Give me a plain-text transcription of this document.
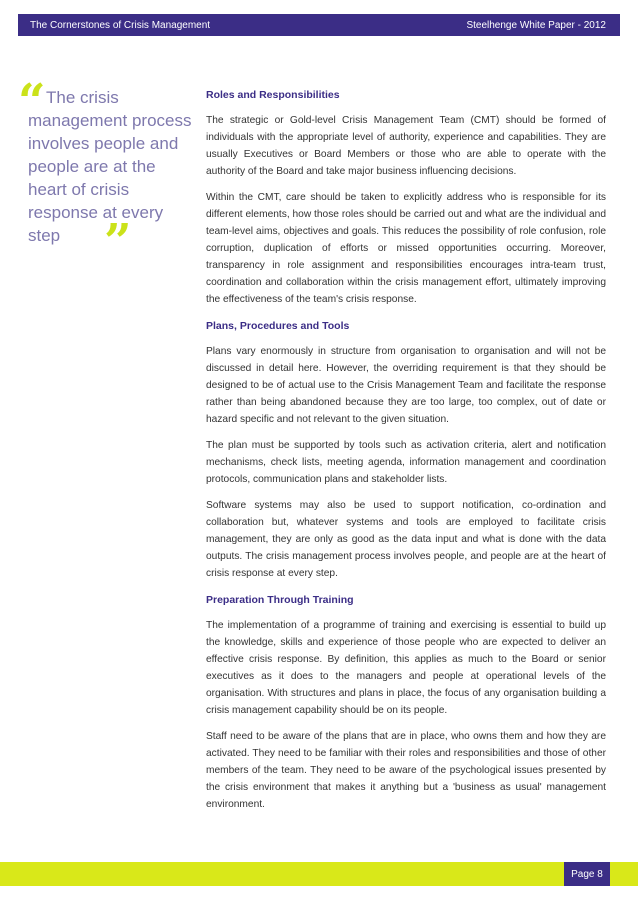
The Cornerstones of Crisis Management	Steelhenge White Paper - 2012
“ The crisis
management process involves people and people are at the heart of crisis response at every step ”
Roles and Responsibilities

The strategic or Gold-level Crisis Management Team (CMT) should be formed of individuals with the appropriate level of authority, experience and capabilities. They are usually Executives or Board Members or those who are able to operate with the authority of the Board and take major business influencing decisions.

Within the CMT, care should be taken to explicitly address who is responsible for its different elements, how those roles should be carried out and what are the individual and team-level aims, objectives and goals. This reduces the possibility of role confusion, role corruption, duplication of efforts or missed opportunities occurring. Moreover, transparency in role assignment and responsibilities encourages intra-team trust, coordination and collaboration within the crisis management effort, ultimately improving the effectiveness of the team's crisis response.

Plans, Procedures and Tools

Plans vary enormously in structure from organisation to organisation and will not be discussed in detail here. However, the overriding requirement is that they should be designed to be of actual use to the Crisis Management Team and facilitate the response rather than being abandoned because they are too large, too complex, out of date or hazard specific and not relevant to the given situation.

The plan must be supported by tools such as activation criteria, alert and notification mechanisms, check lists, meeting agenda, information management and coordination protocols, communication plans and stakeholder lists.

Software systems may also be used to support notification, co-ordination and collaboration but, whatever systems and tools are employed to facilitate crisis management, they are only as good as the data input and what is done with the data outputs. The crisis management process involves people, and people are at the heart of crisis response at every step.

Preparation Through Training

The implementation of a programme of training and exercising is essential to build up the knowledge, skills and experience of those people who are expected to deliver an effective crisis response. By definition, this applies as much to the Board or senior executives as it does to the managers and people at operational levels of the organisation. With structures and plans in place, the focus of any organisation building a crisis management capability should be on its people.

Staff need to be aware of the plans that are in place, who owns them and how they are activated. They need to be familiar with their roles and responsibilities and those of other members of the team. They need to be aware of the psychological issues presented by the crisis environment that makes it anything but a 'business as usual' management environment.

Page 8
